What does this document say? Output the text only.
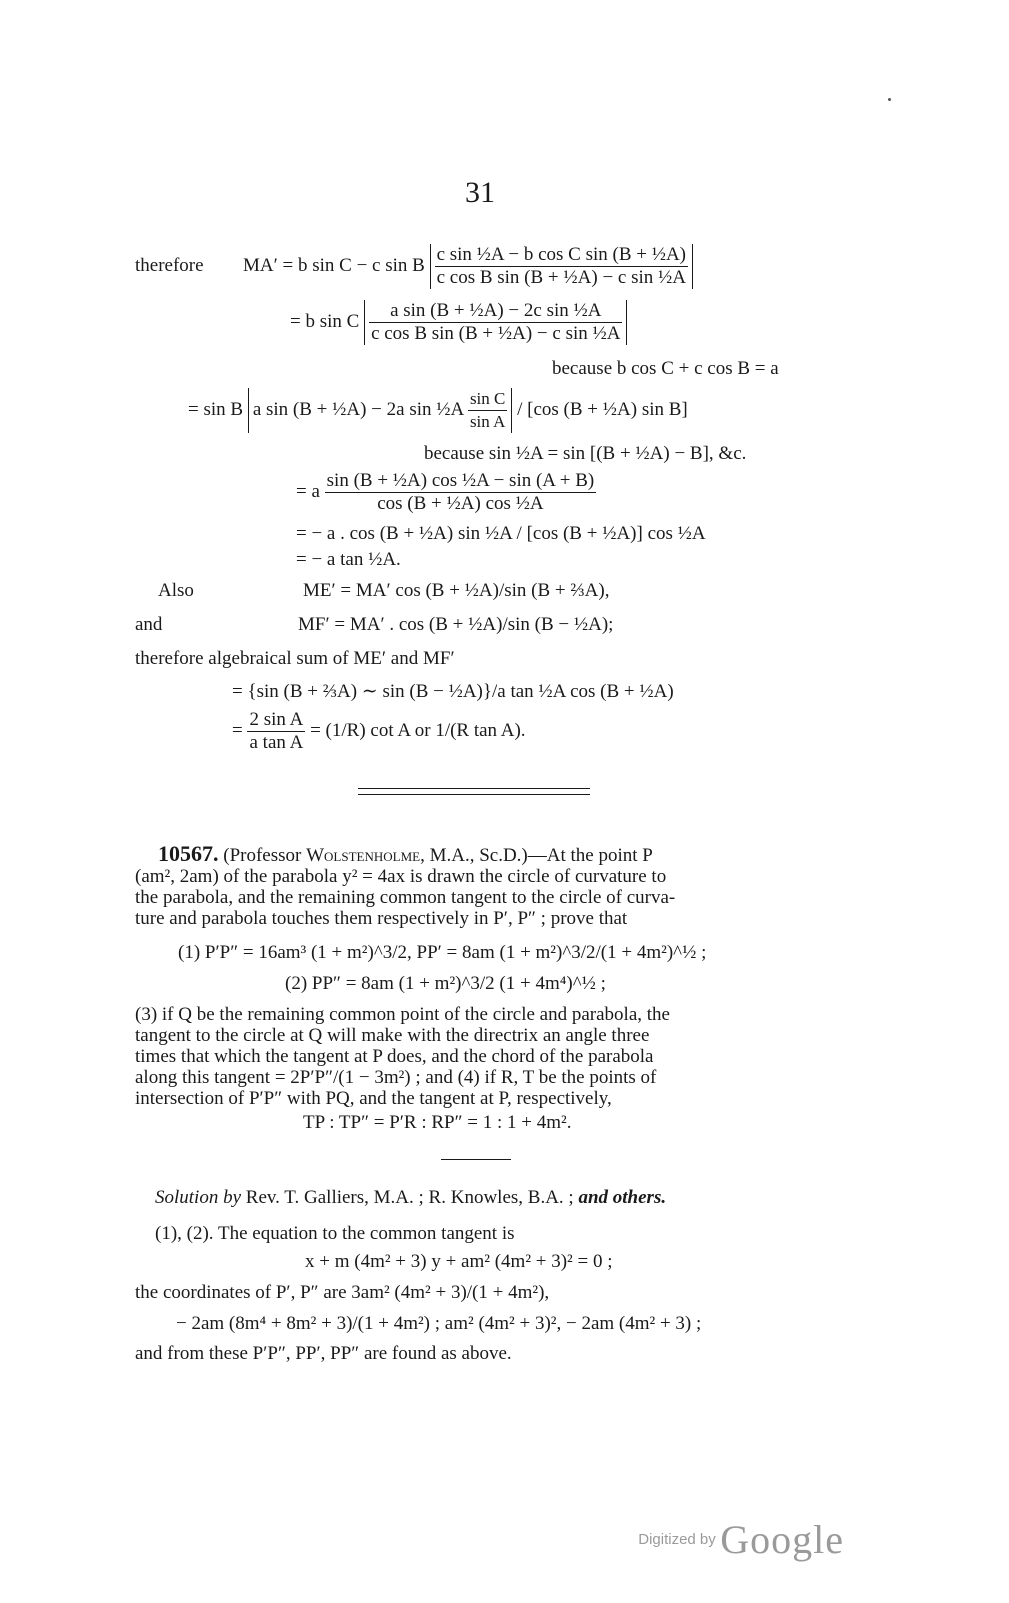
31
therefore MA′ = b sin C − c sin B $\frac{\text{c sin ½A − b cos C sin (B + ½A)}}{\text{c cos B sin (B + ½A) − c sin ½A}}$
= b sin C $\frac{\text{a sin (B + ½A) − 2c sin ½A}}{\text{c cos B sin (B + ½A) − c sin ½A}}$
because b cos C + c cos B = a
= sin B a sin (B + ½A) − 2a sin ½A $\frac{\text{sin C}}{\text{sin A}} / [\cos$ (B + ½A) sin B]
because sin ½A = sin [(B + ½A) − B], &c.
= a $\frac{\text{sin (B + ½A) cos ½A − sin (A + B)}}{\text{cos (B + ½A) cos ½A}}$
= − a . cos (B + ½A) sin ½A / [cos (B + ½A)] cos ½A
= − a tan ½A.
Also	ME′ = MA′ cos (B + ½A)/sin (B + ⅔A),
and	MF′ = MA′ . cos (B + ½A)/sin (B − ½A);
therefore algebraical sum of ME′ and MF′
= {sin (B + ⅔A) ∼ sin (B − ½A)}/a tan ½A cos (B + ½A)
= $\frac{\text{2 sin A}}{\text{a tan A}} = (1/R)$ cot A or 1/(R tan A).
10567. (Professor Wolstenholme, M.A., Sc.D.)—At the point P
(am², 2am) of the parabola y² = 4ax is drawn the circle of curvature to
the parabola, and the remaining common tangent to the circle of curva-
ture and parabola touches them respectively in P′, P″ ; prove that
(1) P′P″ = 16am³ (1 + m²)^3/2, PP′ = 8am (1 + m²)^3/2/(1 + 4m²)^½ ;
(2) PP″ = 8am (1 + m²)^3/2 (1 + 4m⁴)^½ ;
(3) if Q be the remaining common point of the circle and parabola, the
tangent to the circle at Q will make with the directrix an angle three
times that which the tangent at P does, and the chord of the parabola
along this tangent = 2P′P″/(1 − 3m²) ; and (4) if R, T be the points of
intersection of P′P″ with PQ, and the tangent at P, respectively,
TP : TP″ = P′R : RP″ = 1 : 1 + 4m².
Solution by Rev. T. Galliers, M.A. ; R. Knowles, B.A. ; and others.
(1), (2). The equation to the common tangent is
x + m (4m² + 3) y + am² (4m² + 3)² = 0 ;
the coordinates of P′, P″ are 3am² (4m² + 3)/(1 + 4m²),
− 2am (8m⁴ + 8m² + 3)/(1 + 4m²) ; am² (4m² + 3)², − 2am (4m² + 3) ;
and from these P′P″, PP′, PP″ are found as above.
Digitized by Google
